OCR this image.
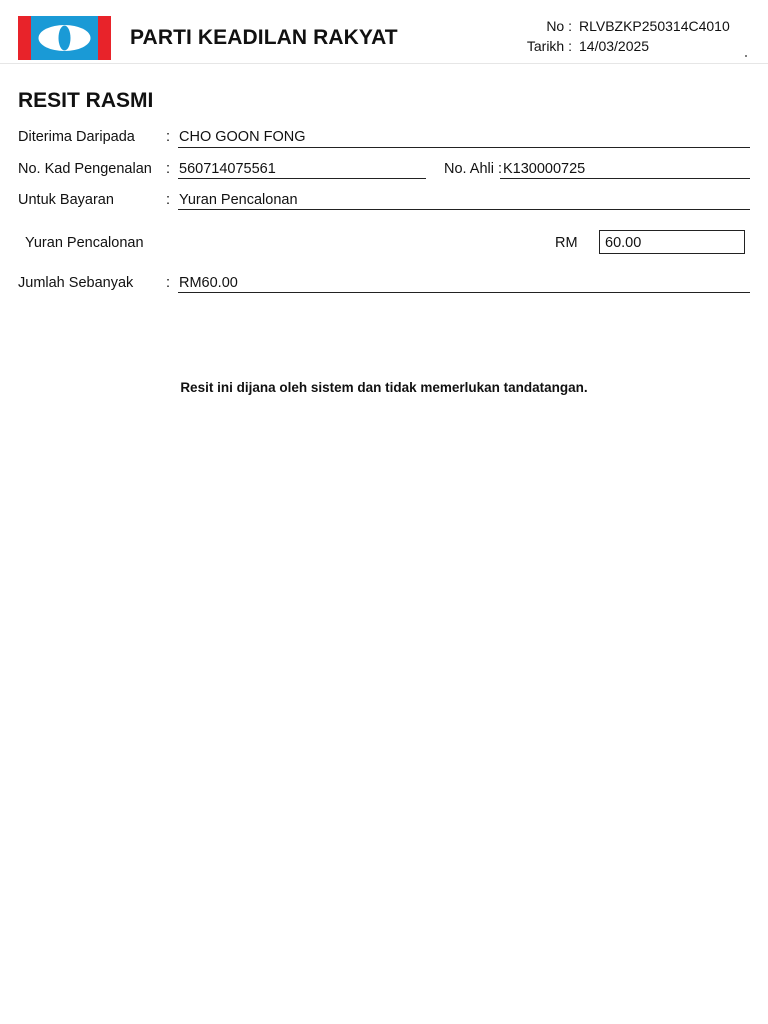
PARTI KEADILAN RAKYAT	No : RLVBZKP250314C4010
Tarikh : 14/03/2025
RESIT RASMI
Diterima Daripada : CHO GOON FONG
No. Kad Pengenalan : 560714075561	No. Ahli : K130000725
Untuk Bayaran	: Yuran Pencalonan
Yuran Pencalonan	RM 60.00
Jumlah Sebanyak : RM60.00
Resit ini dijana oleh sistem dan tidak memerlukan tandatangan.
